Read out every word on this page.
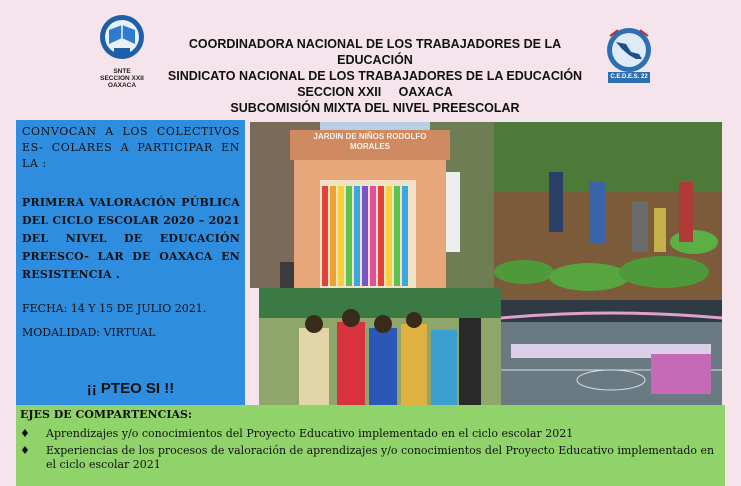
SNTE
SECCION XXII
OAXACA
COORDINADORA NACIONAL DE LOS TRABAJADORES DE LA EDUCACIÓN
SINDICATO NACIONAL DE LOS TRABAJADORES DE LA EDUCACIÓN
SECCION XXII     OAXACA
SUBCOMISIÓN MIXTA DEL NIVEL PREESCOLAR
C.E.D.E.S. 22
CONVOCAN A LOS COLECTIVOS ES- COLARES A PARTICIPAR EN LA :
PRIMERA VALORACIÓN PÚBLICA DEL CICLO ESCOLAR 2020 – 2021 DEL NIVEL DE EDUCACIÓN PREESCO- LAR DE OAXACA EN RESISTENCIA .
FECHA: 14 Y 15 DE JULIO 2021.
MODALIDAD: VIRTUAL
¡¡ PTEO SI !!
JARDIN DE NIÑOS RODOLFO MORALES
EJES DE COMPARTENCIAS:
♦ Aprendizajes y/o conocimientos del Proyecto Educativo implementado en el ciclo escolar 2021
♦ Experiencias de los procesos de valoración de aprendizajes y/o conocimientos del Proyecto Educativo implementado en el ciclo escolar 2021
